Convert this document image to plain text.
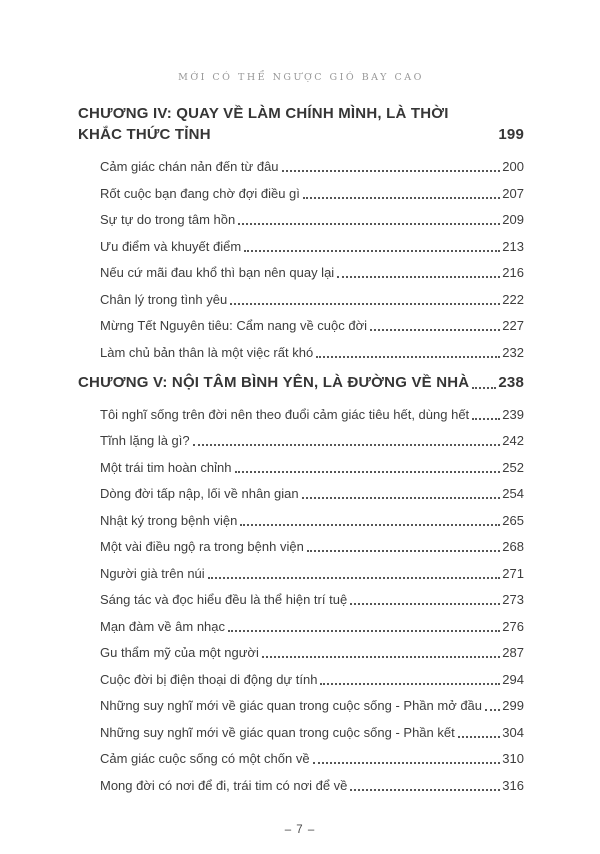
MỚI CÓ THỂ NGƯỢC GIÓ BAY CAO
CHƯƠNG IV: QUAY VỀ LÀM CHÍNH MÌNH, LÀ THỜI KHẮC THỨC TỈNH	199
Cảm giác chán nản đến từ đâu	200
Rốt cuộc bạn đang chờ đợi điều gì	207
Sự tự do trong tâm hồn	209
Ưu điểm và khuyết điểm	213
Nếu cứ mãi đau khổ thì bạn nên quay lại	216
Chân lý trong tình yêu	222
Mừng Tết Nguyên tiêu: Cẩm nang về cuộc đời	227
Làm chủ bản thân là một việc rất khó	232
CHƯƠNG V: NỘI TÂM BÌNH YÊN, LÀ ĐƯỜNG VỀ NHÀ 238
Tôi nghĩ sống trên đời nên theo đuổi cảm giác tiêu hết, dùng hết	239
Tĩnh lặng là gì?	242
Một trái tim hoàn chỉnh	252
Dòng đời tấp nập, lối về nhân gian	254
Nhật ký trong bệnh viện	265
Một vài điều ngộ ra trong bệnh viện	268
Người già trên núi	271
Sáng tác và đọc hiểu đều là thể hiện trí tuệ	273
Mạn đàm về âm nhạc	276
Gu thẩm mỹ của một người	287
Cuộc đời bị điện thoại di động dự tính	294
Những suy nghĩ mới về giác quan trong cuộc sống - Phần mở đầu 299
Những suy nghĩ mới về giác quan trong cuộc sống - Phần kết	304
Cảm giác cuộc sống có một chốn về	310
Mong đời có nơi để đi, trái tim có nơi để về	316
– 7 –
